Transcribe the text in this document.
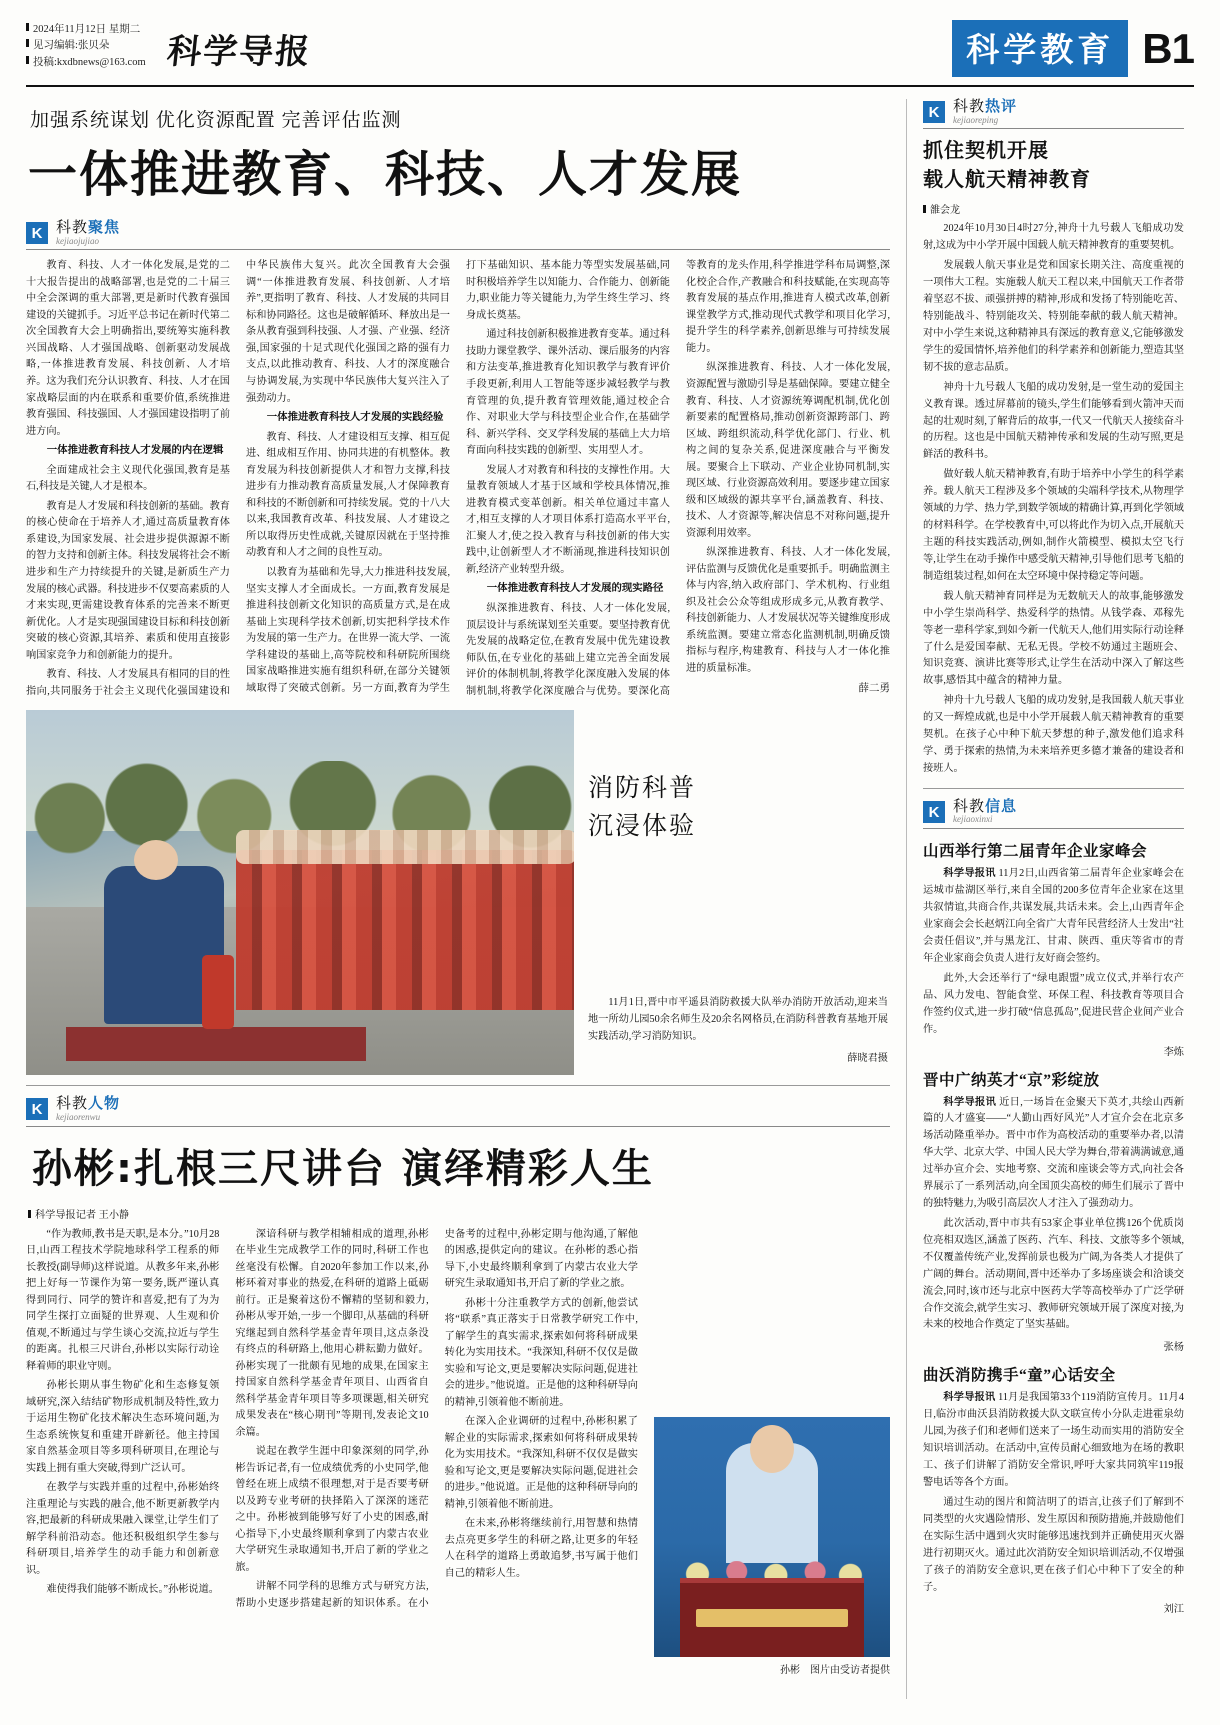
2024年11月12日 星期二
见习编辑:张贝朵
投稿:kxdbnews@163.com 科学导报	科学教育 B1
加强系统谋划 优化资源配置 完善评估监测
一体推进教育、科技、人才发展
K 科教聚焦
kejiaojujiao

教育、科技、人才一体化发展,是党的二十大报告提出的战略部署,也是党的二十届三中全会深调的重大部署,更是新时代教育强国建设的关键抓手。习近平总书记在新时代第二次全国教育大会上明确指出,要统筹实施科教兴国战略、人才强国战略、创新驱动发展战略,一体推进教育发展、科技创新、人才培养。这为我们充分认识教育、科技、人才在国家战略层面的内在联系和重要价值,系统推进教育强国、科技强国、人才强国建设指明了前进方向。

一体推进教育科技人才发展的内在逻辑

全面建成社会主义现代化强国,教育是基石,科技是关键,人才是根本。

教育是人才发展和科技创新的基础。教育的核心使命在于培养人才,通过高质量教育体系建设,为国家发展、社会进步提供源源不断的智力支持和创新主体。科技发展将社会不断进步和生产力持续提升的关键,是新质生产力发展的核心武器。科技进步不仅要高素质的人才来实现,更需建设教育体系的完善来不断更新优化。人才是实现强国建设目标和科技创新突破的核心资源,其培养、素质和使用直接影响国家竞争力和创新能力的提升。

教育、科技、人才发展具有相同的目的性指向,共同服务于社会主义现代化强国建设和中华民族伟大复兴。此次全国教育大会强调“一体推进教育发展、科技创新、人才培养”,更指明了教育、科技、人才发展的共同目标和协同路径。这也是破解循环、释放出是一条从教育强到科技强、人才强、产业强、经济强,国家强的十足式现代化强国之路的强有力支点,以此推动教育、科技、人才的深度融合与协调发展,为实现中华民族伟大复兴注入了强劲动力。

一体推进教育科技人才发展的实践经验

教育、科技、人才建设相互支撑、相互促进、组成相互作用、协同共进的有机整体。教育发展为科技创新提供人才和智力支撑,科技进步有力推动教育高质量发展,人才保障教育和科技的不断创新和可持续发展。党的十八大以来,我国教育改革、科技发展、人才建设之所以取得历史性成就,关键原因就在于坚持推动教育和人才之间的良性互动。

以教育为基础和先导,大力推进科技发展,坚实支撑人才全面成长。一方面,教育发展是推进科技创新文化知识的高质量方式,是在成基础上实现科学技术创新,切实把科学技术作为发展的第一生产力。在世界一流大学、一流学科建设的基础上,高等院校和科研院所围绕国家战略推进实施有组织科研,在部分关键领域取得了突破式创新。另一方面,教育为学生打下基础知识、基本能力等型实发展基础,同时积极培养学生以知能力、合作能力、创新能力,职业能力等关键能力,为学生终生学习、终身成长奠基。

通过科技创新积极推进教育变革。通过科技助力课堂教学、课外活动、课后服务的内容和方法变革,推进教育化知识教学与教育评价手段更新,利用人工智能等逐步减轻教学与教育管理的负,提升教育管理效能,通过校企合作、对职业大学与科技型企业合作,在基础学科、新兴学科、交叉学科发展的基础上大力培育面向科技实践的创新型、实用型人才。

发展人才对教育和科技的支撑性作用。大量教育领域人才基于区域和学校具体情况,推进教育模式变革创新。相关单位通过丰富人才,相互支撑的人才项目体系打造高水平平台,汇聚人才,使之投入教育与科技创新的伟大实践中,让创新型人才不断涌现,推进科技知识创新,经济产业转型升级。

一体推进教育科技人才发展的现实路径

纵深推进教育、科技、人才一体化发展,顶层设计与系统谋划至关重要。要坚持教育优先发展的战略定位,在教育发展中优先建设教师队伍,在专业化的基础上建立完善全面发展评价的体制机制,将教学化深度融入发展的体制机制,将教学化深度融合与优势。要深化高等教育的龙头作用,科学推进学科布局调整,深化校企合作,产教融合和科技赋能,在实现高等教育发展的基点作用,推进育人模式改革,创新课堂教学方式,推动现代式教学和项目化学习,提升学生的科学素养,创新思维与可持续发展能力。

纵深推进教育、科技、人才一体化发展,资源配置与激励引导是基础保障。要建立健全教育、科技、人才资源统筹调配机制,优化创新要素的配置格局,推动创新资源跨部门、跨区域、跨组织流动,科学优化部门、行业、机构之间的复杂关系,促进深度融合与平衡发展。要聚合上下联动、产业企业协同机制,实现区域、行业资源高效利用。要逐步建立国家级和区域级的源共享平台,涵盖教育、科技、技术、人才资源等,解决信息不对称问题,提升资源利用效率。

纵深推进教育、科技、人才一体化发展,评估监测与反馈优化是重要抓手。明确监测主体与内容,纳入政府部门、学术机构、行业组织及社会公众等组成形成多元,从教育教学、科技创新能力、人才发展状况等关键维度形成系统监测。要建立常态化监测机制,明确反馈指标与程序,构建教育、科技与人才一体化推进的质量标准。

薛二勇

消防科普
沉浸体验
11月1日,晋中市平遥县消防救援大队举办消防开放活动,迎来当地一所幼儿园50余名师生及20余名网格员,在消防科普教育基地开展实践活动,学习消防知识。
薛晓君摄
K 科教人物
kejiaorenwu
孙彬:扎根三尺讲台 演绎精彩人生
科学导报记者 王小静

“作为教师,教书是天职,是本分。”10月28日,山西工程技术学院地球科学工程系的师长教授(副导师)这样说道。从教多年来,孙彬把上好每一节课作为第一要务,既严谨认真得到同行、同学的赞许和喜爱,把有了为为同学生探打立面疑的世界观、人生观和价值观,不断通过与学生谈心交流,拉近与学生的距离。扎根三尺讲台,孙彬以实际行动诠释着师的职业守则。

孙彬长期从事生物矿化和生态修复领域研究,深入结结矿物形成机制及特性,致力于运用生物矿化技术解决生态环境问题,为生态系统恢复和重建开辟新径。他主持国家自然基金项目等多项科研项目,在理论与实践上拥有重大突破,得到广泛认可。

在教学与实践并重的过程中,孙彬始终注重理论与实践的融合,他不断更新教学内容,把最新的科研成果融入课堂,让学生们了解学科前沿动态。他还积极组织学生参与科研项目,培养学生的动手能力和创新意识。

难使得我们能够不断成长。”孙彬说道。

深谙科研与教学相辅相成的道理,孙彬在毕业生完成教学工作的同时,科研工作也丝毫没有松懈。自2020年参加工作以来,孙彬环着对事业的热爱,在科研的道路上砥砺前行。正是聚着这份不懈精的坚韧和毅力,孙彬从零开始,一步一个脚印,从基础的科研究继起到自然科学基金青年项目,这点条没有终点的科研路上,他用心耕耘勤力做好。孙彬实现了一批颇有见地的成果,在国家主持国家自然科学基金青年项目、山西省自然科学基金青年项目等多项课题,相关研究成果发表在“核心期刊”等期刊,发表论文10余篇。

说起在教学生涯中印象深刻的同学,孙彬告诉记者,有一位成绩优秀的小史同学,他曾经在班上成绩不很理想,对于是否要考研以及跨专业考研的抉择陷入了深深的迷茫之中。孙彬被到能够写好了小史的困惑,耐心指导下,小史最终顺利拿到了内蒙古农业大学研究生录取通知书,开启了新的学业之旅。

讲解不同学科的思维方式与研究方法,帮助小史逐步搭建起新的知识体系。在小史备考的过程中,孙彬定期与他沟通,了解他的困惑,提供定向的建议。在孙彬的悉心指导下,小史最终顺利拿到了内蒙古农业大学研究生录取通知书,开启了新的学业之旅。

孙彬十分注重教学方式的创新,他尝试将“联系”真正落实于日常教学研究工作中,了解学生的真实需求,探索如何将科研成果转化为实用技术。“我深知,科研不仅仅是做实验和写论文,更是要解决实际问题,促进社会的进步。”他说道。正是他的这种科研导向的精神,引领着他不断前进。

在深入企业调研的过程中,孙彬积累了解企业的实际需求,探索如何将科研成果转化为实用技术。“我深知,科研不仅仅是做实验和写论文,更是要解决实际问题,促进社会的进步。”他说道。正是他的这种科研导向的精神,引领着他不断前进。

在未来,孙彬将继续前行,用智慧和热情去点亮更多学生的科研之路,让更多的年轻人在科学的道路上勇敢追梦,书写属于他们自己的精彩人生。

孙彬 图片由受访者提供
K 科教热评
kejiaoreping
抓住契机开展
载人航天精神教育
雒会龙

2024年10月30日4时27分,神舟十九号载人飞船成功发射,这成为中小学开展中国载人航天精神教育的重要契机。

发展载人航天事业是党和国家长期关注、高度重视的一项伟大工程。实施载人航天工程以来,中国航天工作者带着坚忍不拔、顽强拼搏的精神,形成和发扬了特别能吃苦、特别能战斗、特别能攻关、特别能奉献的载人航天精神。对中小学生来说,这种精神具有深远的教育意义,它能够激发学生的爱国情怀,培养他们的科学素养和创新能力,塑造其坚韧不拔的意志品质。

神舟十九号载人飞船的成功发射,是一堂生动的爱国主义教育课。透过屏幕前的镜头,学生们能够看到火箭冲天而起的壮观时刻,了解背后的故事,一代又一代航天人接续奋斗的历程。这也是中国航天精神传承和发展的生动写照,更是鲜活的教科书。

做好载人航天精神教育,有助于培养中小学生的科学素养。载人航天工程涉及多个领域的尖端科学技术,从物理学领域的力学、热力学,到数学领域的精确计算,再到化学领域的材料科学。在学校教育中,可以将此作为切入点,开展航天主题的科技实践活动,例如,制作火箭模型、模拟太空飞行等,让学生在动手操作中感受航天精神,引导他们思考飞船的制造组装过程,如何在太空环境中保持稳定等问题。

载人航天精神育同样是为无数航天人的故事,能够激发中小学生崇尚科学、热爱科学的热情。从钱学森、邓稼先等老一辈科学家,到如今新一代航天人,他们用实际行动诠释了什么是爱国奉献、无私无畏。学校不妨通过主题班会、知识竞赛、演讲比赛等形式,让学生在活动中深入了解这些故事,感悟其中蕴含的精神力量。

神舟十九号载人飞船的成功发射,是我国载人航天事业的又一辉煌成就,也是中小学开展载人航天精神教育的重要契机。在孩子心中种下航天梦想的种子,激发他们追求科学、勇于探索的热情,为未来培养更多德才兼备的建设者和接班人。

K 科教信息
kejiaoxinxi
山西举行第二届青年企业家峰会

科学导报讯 11月2日,山西省第二届青年企业家峰会在运城市盐湖区举行,来自全国的200多位青年企业家在这里共叙情谊,共商合作,共谋发展,共话未来。会上,山西青年企业家商会会长赵炳江向全省广大青年民营经济人士发出“社会责任倡议”,并与黑龙江、甘肃、陕西、重庆等省市的青年企业家商会负责人进行友好商会签约。

此外,大会还举行了“绿电跟盟”成立仪式,并举行农产品、风力发电、智能食堂、环保工程、科技教育等项目合作签约仪式,进一步打破“信息孤岛”,促进民营企业间产业合作。

李炼
晋中广纳英才“京”彩绽放

科学导报讯 近日,一场旨在金聚天下英才,共绘山西新篇的人才盛宴——“人勤山西好风光”人才宣介会在北京多场活动隆重举办。晋中市作为高校活动的重要举办者,以清华大学、北京大学、中国人民大学为舞台,带着满满诚意,通过举办宣介会、实地考察、交流和座谈会等方式,向社会各界展示了一系列活动,向全国顶尖高校的师生们展示了晋中的独特魅力,为吸引高层次人才注入了强劲动力。

此次活动,晋中市共有53家企事业单位携126个优质岗位亮相双选区,涵盖了医药、汽车、科技、文旅等多个领域,不仅覆盖传统产业,发挥前景也极为广阔,为各类人才提供了广阔的舞台。活动期间,晋中还举办了多场座谈会和洽谈交流会,同时,该市还与北京中医药大学等高校举办了广泛学研合作交流会,就学生实习、教师研究领域开展了深度对接,为未来的校地合作奠定了坚实基础。

张杨
曲沃消防携手“童”心话安全

科学导报讯 11月是我国第33个119消防宣传月。11月4日,临汾市曲沃县消防救援大队文联宣传小分队走进霍泉幼儿园,为孩子们和老师们送来了一场生动而实用的消防安全知识培训活动。在活动中,宣传员耐心细致地为在场的教职工、孩子们讲解了消防安全常识,呼吁大家共同筑牢119报警电话等各个方面。

通过生动的图片和简洁明了的语言,让孩子们了解到不同类型的火灾遇险情形、发生原因和预防措施,并鼓励他们在实际生活中遇到火灾时能够迅速找到并正确使用灭火器进行初期灭火。通过此次消防安全知识培训活动,不仅增强了孩子的消防安全意识,更在孩子们心中种下了安全的种子。

刘江
